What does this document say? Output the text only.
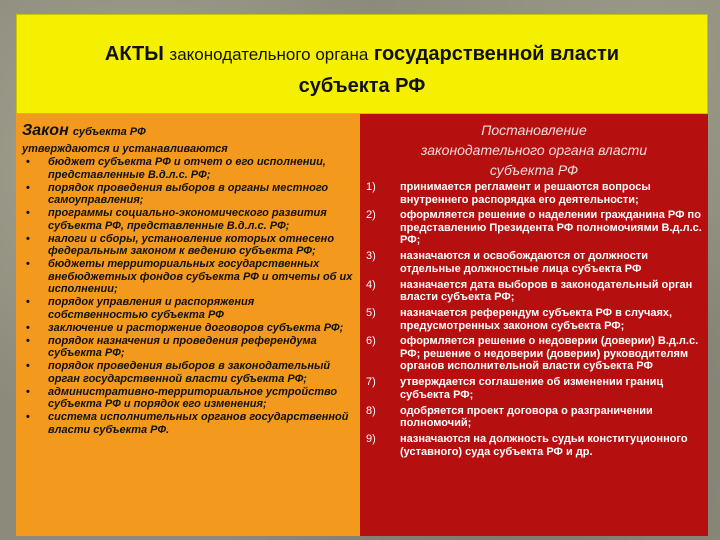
АКТЫ законодательного органа государственной власти
субъекта РФ

Закон субъекта РФ

утверждаются и устанавливаются

• бюджет субъекта РФ и отчет о его исполнении, представленные В.д.л.с. РФ;
• порядок проведения выборов в органы местного самоуправления;
• программы социально-экономического развития субъекта РФ, представленные В.д.л.с. РФ;
• налоги и сборы, установление которых отнесено федеральным законом к ведению субъекта РФ;
• бюджеты территориальных государственных внебюджетных фондов субъекта РФ и отчеты об их исполнении;
• порядок управления и распоряжения собственностью субъекта РФ
• заключение и расторжение договоров субъекта РФ;
• порядок назначения и проведения референдума субъекта РФ;
• порядок проведения выборов в законодательный орган государственной власти субъекта РФ;
• административно-территориальное устройство субъекта РФ и порядок его изменения;
• система исполнительных органов государственной власти субъекта РФ.
Постановление
законодательного органа власти
субъекта РФ
1) принимается регламент и решаются вопросы внутреннего распорядка его деятельности;
2) оформляется решение о наделении гражданина РФ по представлению Президента РФ полномочиями В.д.л.с. РФ;
3) назначаются и освобождаются от должности отдельные должностные лица субъекта РФ
4) назначается дата выборов в законодательный орган власти субъекта РФ;
5) назначается референдум субъекта РФ в случаях, предусмотренных законом субъекта РФ;
6) оформляется решение о недоверии (доверии) В.д.л.с. РФ; решение о недоверии (доверии) руководителям органов исполнительной власти субъекта РФ
7) утверждается соглашение об изменении границ субъекта РФ;
8) одобряется проект договора о разграничении полномочий;
9) назначаются на должность судьи конституционного (уставного) суда субъекта РФ и др.
